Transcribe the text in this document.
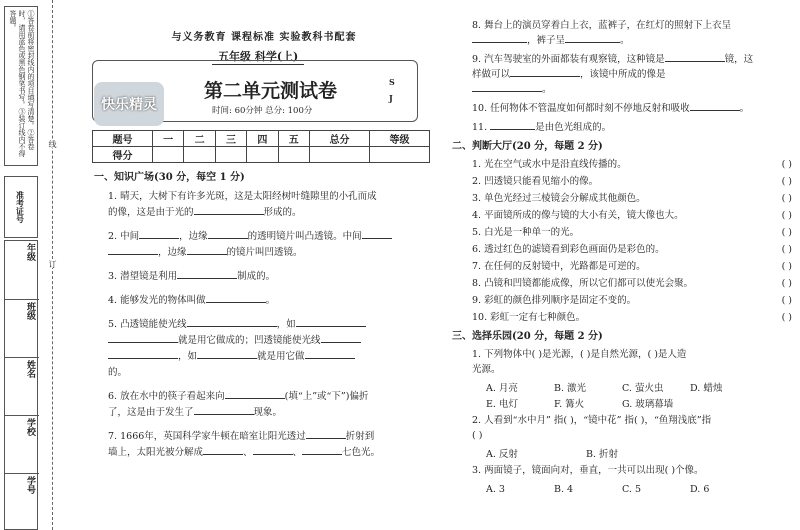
①答卷前将密封线内的项目填写清楚。②答卷时，请用蓝色或黑色钢笔书写。③装订线内不得答题。
准考证号
年级
班级
姓名
学校
学号
线
订
与义务教育 课程标准 实验教科书配套
五年级 科学(上)
快乐精灵
第二单元测试卷
时间: 60分钟 总分: 100分
S
J
题号	一	二	三	四	五	总分	等级
得分							
一、知识广场(30 分，每空 1 分)
1. 晴天，大树下有许多光斑，这是太阳经树叶缝隙里的小孔而成
的像，这是由于光的	形成的。
2. 中间	，边缘	的透明镜片叫凸透镜。中间
，边缘	的镜片叫凹透镜。
3. 潜望镜是利用	制成的。
4. 能够发光的物体叫做	。
5. 凸透镜能使光线	，如
就是用它做成的；凹透镜能使光线
，如	就是用它做
的。
6. 放在水中的筷子看起来向	(填“上”或“下”)偏折
了，这是由于发生了	现象。
7. 1666年，英国科学家牛顿在暗室让阳光透过	折射到
墙上，太阳光被分解成	、	、	七色光。
8. 舞台上的演员穿着白上衣，蓝裤子，在红灯的照射下上衣呈
，裤子呈	。
9. 汽车驾驶室的外面都装有观察镜，这种镜是	镜，这
样做可以	，该镜中所成的像是
。
10. 任何物体不管温度如何都时刻不停地反射和吸收	。
11.	是由色光组成的。
二、判断大厅(20 分，每题 2 分)
1. 光在空气或水中是沿直线传播的。	( )
2. 凹透镜只能看见缩小的像。	( )
3. 单色光经过三棱镜会分解成其他颜色。	( )
4. 平面镜所成的像与镜的大小有关，镜大像也大。	( )
5. 白光是一种单一的光。	( )
6. 透过红色的滤镜看到彩色画面仍是彩色的。	( )
7. 在任何的反射镜中，光路都是可逆的。	( )
8. 凸镜和凹镜都能成像，所以它们都可以使光会聚。	( )
9. 彩虹的颜色排列顺序是固定不变的。	( )
10. 彩虹一定有七种颜色。	( )
三、选择乐园(20 分，每题 2 分)
1. 下列物体中( )是光源，( )是自然光源，( )是人造
光源。
A. 月亮	B. 激光	C. 萤火虫	D. 蜡烛
E. 电灯	F. 篝火	G. 玻璃幕墙
2. 人看到“水中月” 指( )，“镜中花” 指( )，“鱼翔浅底”指
( )
A. 反射	B. 折射
3. 两面镜子，镜面向对，垂直，一共可以出现( )个像。
A. 3	B. 4	C. 5	D. 6
